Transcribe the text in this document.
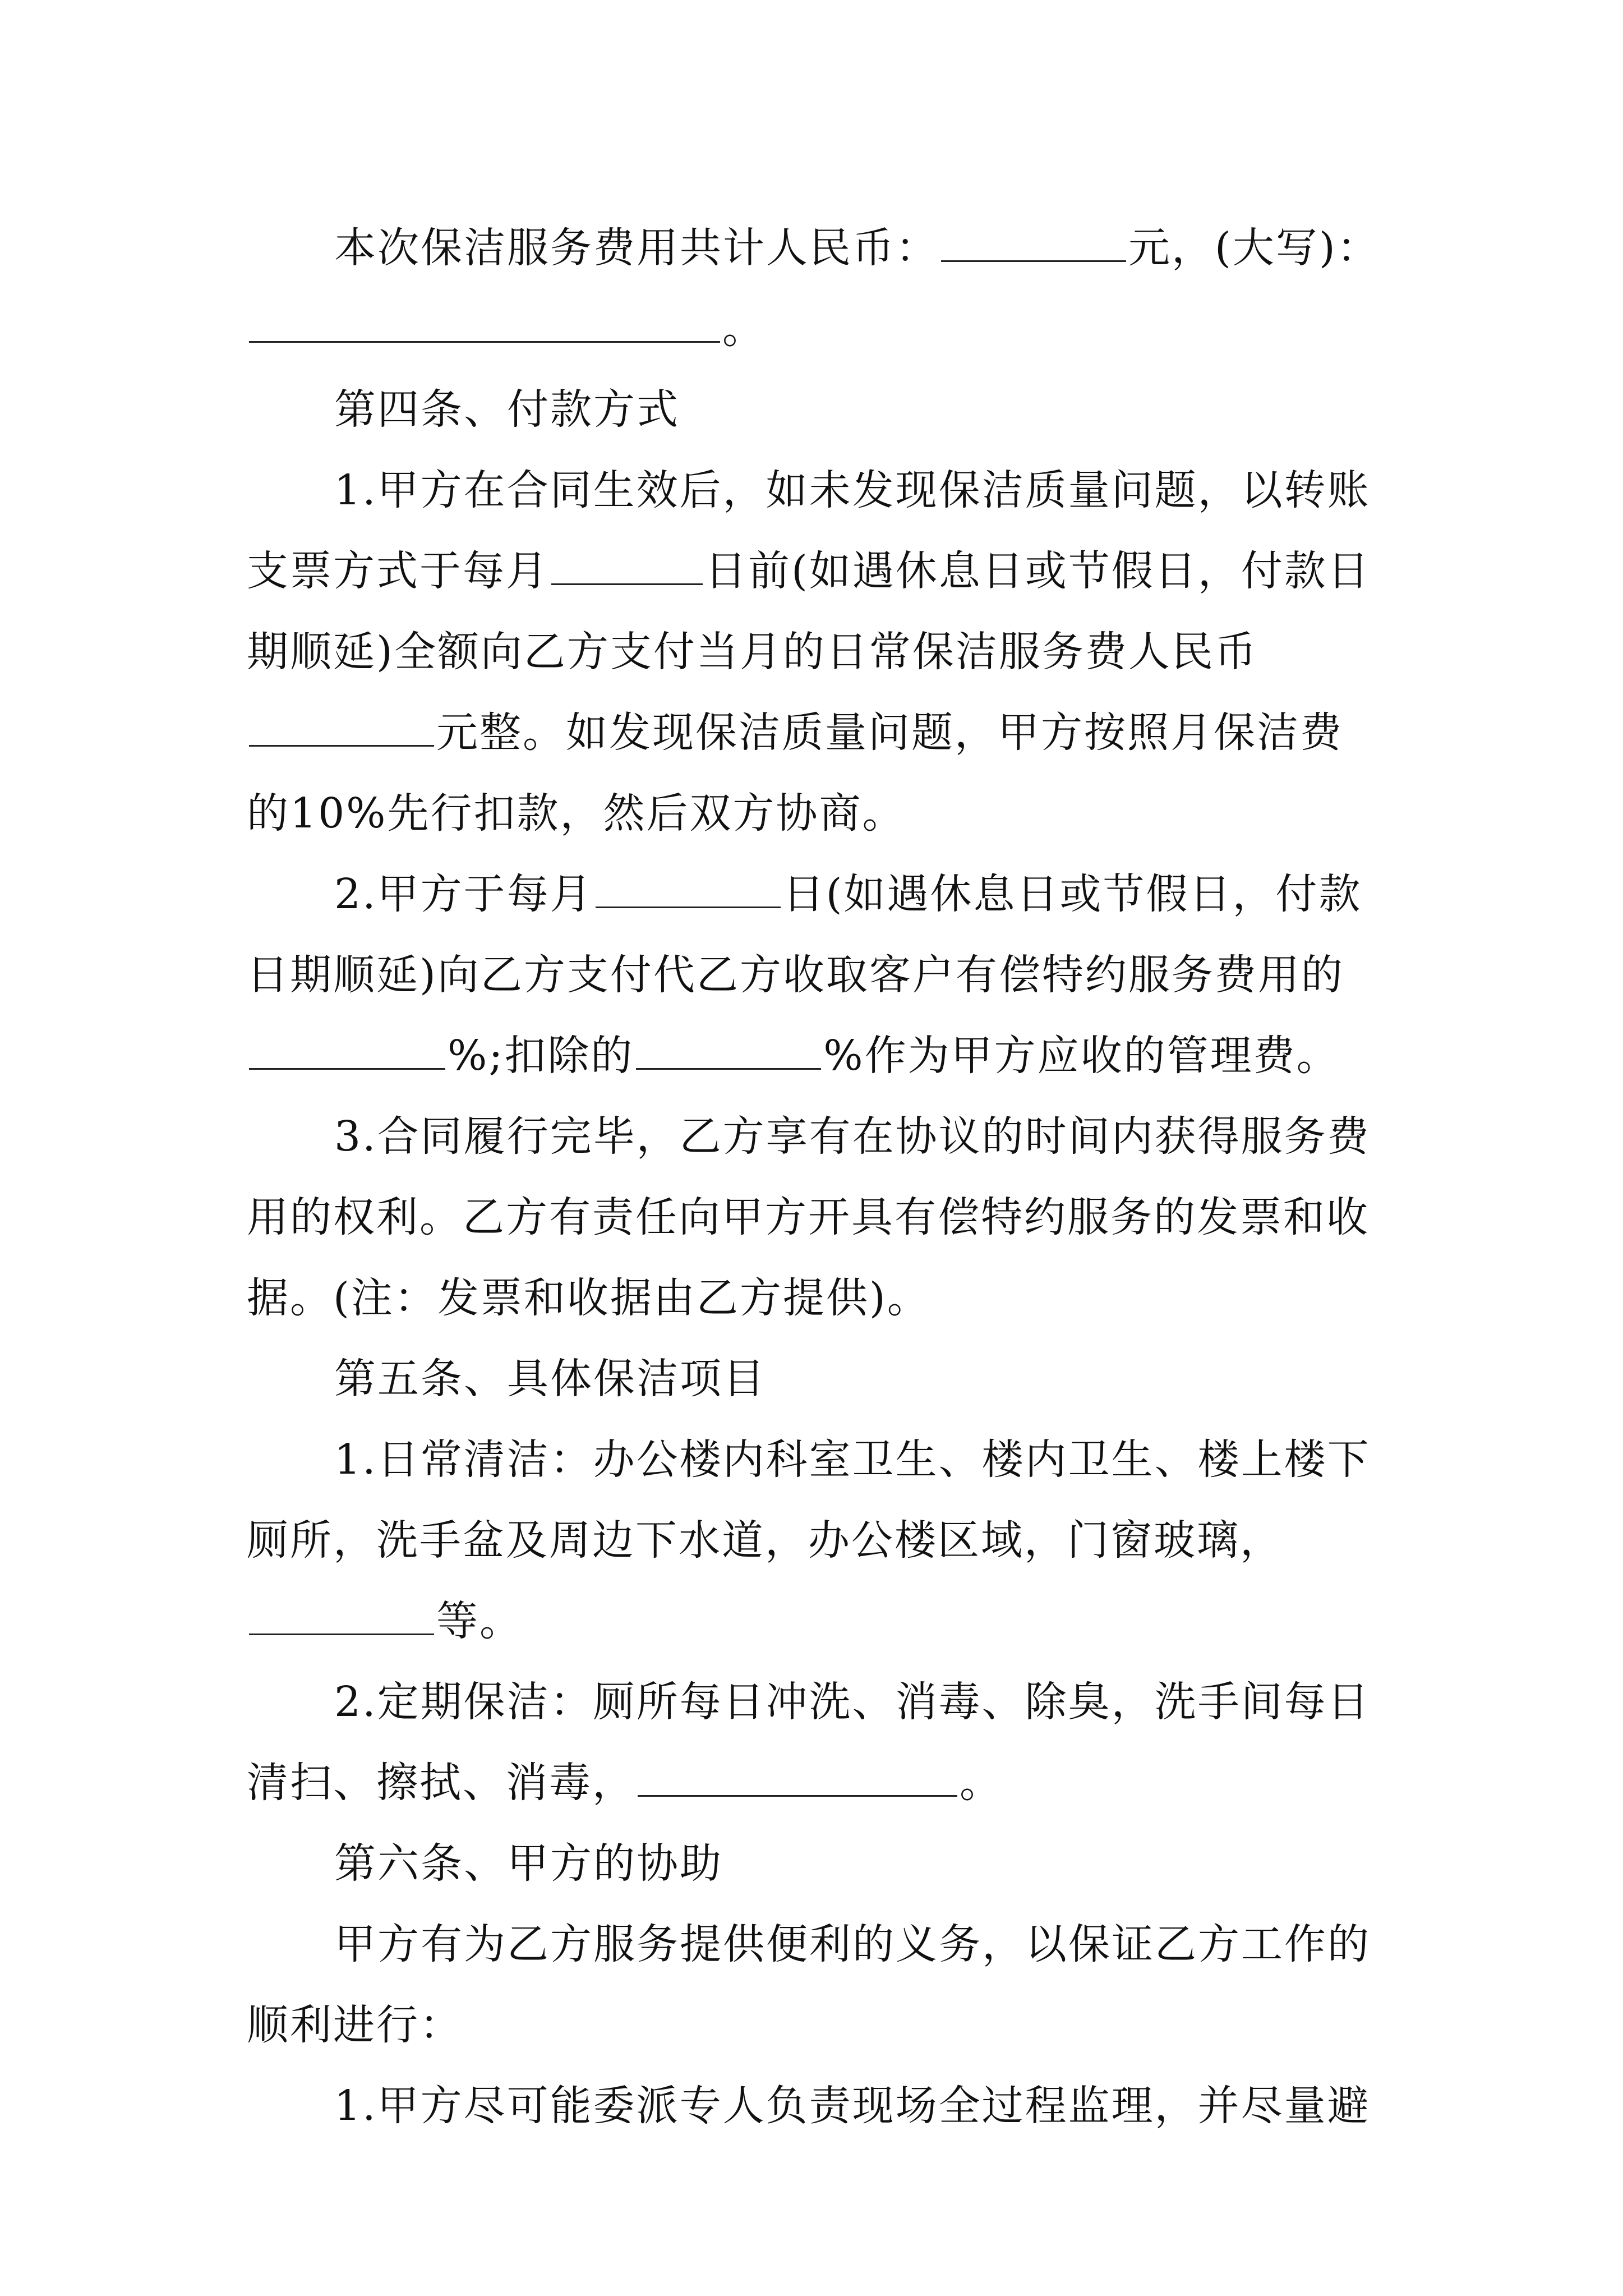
本次保洁服务费用共计人民币：	元，(大写)：
。
第四条、付款方式
1.甲方在合同生效后，如未发现保洁质量问题，以转账
支票方式于每月	日前(如遇休息日或节假日，付款日
期顺延)全额向乙方支付当月的日常保洁服务费人民币
元整。如发现保洁质量问题，甲方按照月保洁费
的10%先行扣款，然后双方协商。
2.甲方于每月	日(如遇休息日或节假日，付款
日期顺延)向乙方支付代乙方收取客户有偿特约服务费用的
%;扣除的	%作为甲方应收的管理费。
3.合同履行完毕，乙方享有在协议的时间内获得服务费
用的权利。乙方有责任向甲方开具有偿特约服务的发票和收
据。(注：发票和收据由乙方提供)。
第五条、具体保洁项目
1.日常清洁：办公楼内科室卫生、楼内卫生、楼上楼下
厕所，洗手盆及周边下水道，办公楼区域，门窗玻璃，
等。
2.定期保洁：厕所每日冲洗、消毒、除臭，洗手间每日
清扫、擦拭、消毒，	。
第六条、甲方的协助
甲方有为乙方服务提供便利的义务，以保证乙方工作的
顺利进行：
1.甲方尽可能委派专人负责现场全过程监理，并尽量避
